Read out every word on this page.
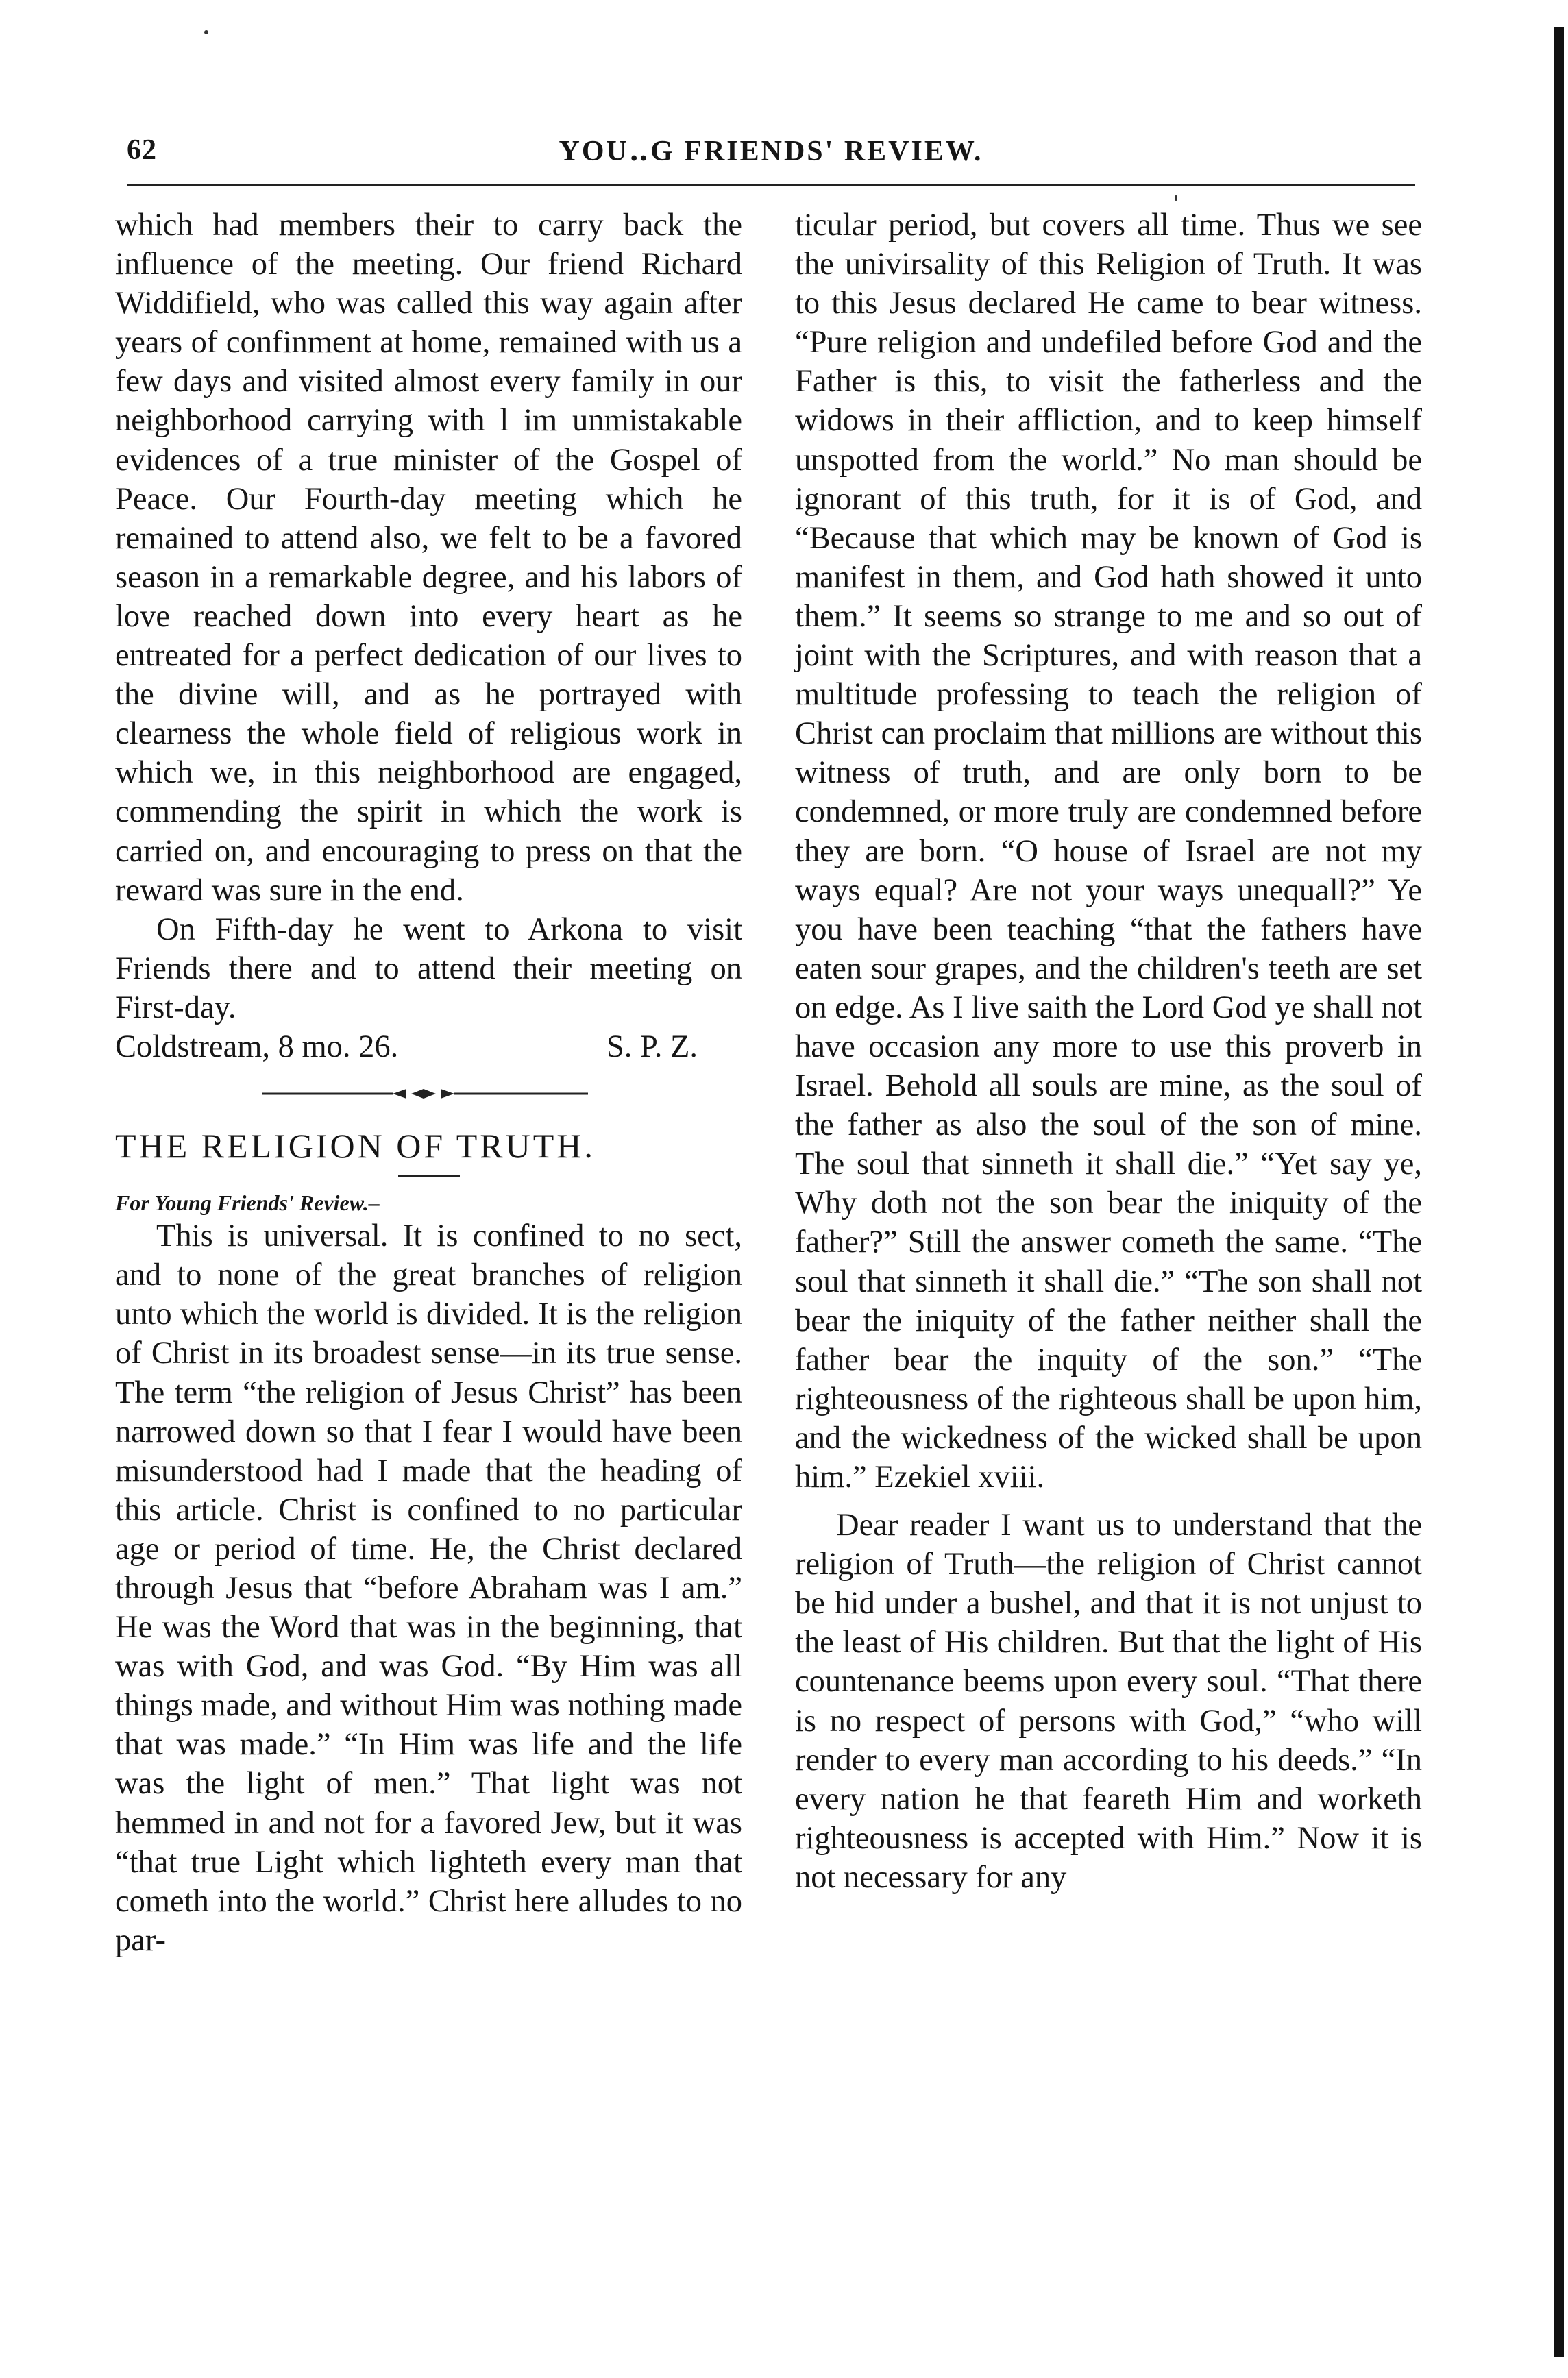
62	YOU‥G FRIENDS' REVIEW.

which had members their to carry back the influence of the meeting. Our friend Richard Widdifield, who was called this way again after years of confinment at home, remained with us a few days and visited almost every family in our neighborhood carrying with l im unmistakable evidences of a true minister of the Gospel of Peace. Our Fourth-day meeting which he remained to attend also, we felt to be a favored season in a remarkable degree, and his labors of love reached down into every heart as he entreated for a perfect dedication of our lives to the divine will, and as he portrayed with clearness the whole field of religious work in which we, in this neighborhood are engaged, commending the spirit in which the work is carried on, and encouraging to press on that the reward was sure in the end.

On Fifth-day he went to Arkona to visit Friends there and to attend their meeting on First-day.

Coldstream, 8 mo. 26.	S. P. Z.

THE RELIGION OF TRUTH.

For Young Friends' Review.–

This is universal. It is confined to no sect, and to none of the great branches of religion unto which the world is divided. It is the religion of Christ in its broadest sense—in its true sense. The term “the religion of Jesus Christ” has been narrowed down so that I fear I would have been misunderstood had I made that the heading of this article. Christ is confined to no particular age or period of time. He, the Christ declared through Jesus that “before Abraham was I am.” He was the Word that was in the beginning, that was with God, and was God. “By Him was all things made, and without Him was nothing made that was made.” “In Him was life and the life was the light of men.” That light was not hemmed in and not for a favored Jew, but it was “that true Light which lighteth every man that cometh into the world.” Christ here alludes to no par-

ticular period, but covers all time. Thus we see the univirsality of this Religion of Truth. It was to this Jesus declared He came to bear witness. “Pure religion and undefiled before God and the Father is this, to visit the fatherless and the widows in their affliction, and to keep himself unspotted from the world.” No man should be ignorant of this truth, for it is of God, and “Because that which may be known of God is manifest in them, and God hath showed it unto them.” It seems so strange to me and so out of joint with the Scriptures, and with reason that a multitude professing to teach the religion of Christ can proclaim that millions are without this witness of truth, and are only born to be condemned, or more truly are condemned before they are born. “O house of Israel are not my ways equal? Are not your ways unequall?” Ye you have been teaching “that the fathers have eaten sour grapes, and the children's teeth are set on edge. As I live saith the Lord God ye shall not have occasion any more to use this proverb in Israel. Behold all souls are mine, as the soul of the father as also the soul of the son of mine. The soul that sinneth it shall die.” “Yet say ye, Why doth not the son bear the iniquity of the father?” Still the answer cometh the same. “The soul that sinneth it shall die.” “The son shall not bear the iniquity of the father neither shall the father bear the inquity of the son.” “The righteousness of the righteous shall be upon him, and the wickedness of the wicked shall be upon him.” Ezekiel xviii.

Dear reader I want us to understand that the religion of Truth—the religion of Christ cannot be hid under a bushel, and that it is not unjust to the least of His children. But that the light of His countenance beems upon every soul. “That there is no respect of persons with God,” “who will render to every man according to his deeds.” “In every nation he that feareth Him and worketh righteousness is accepted with Him.” Now it is not necessary for any
